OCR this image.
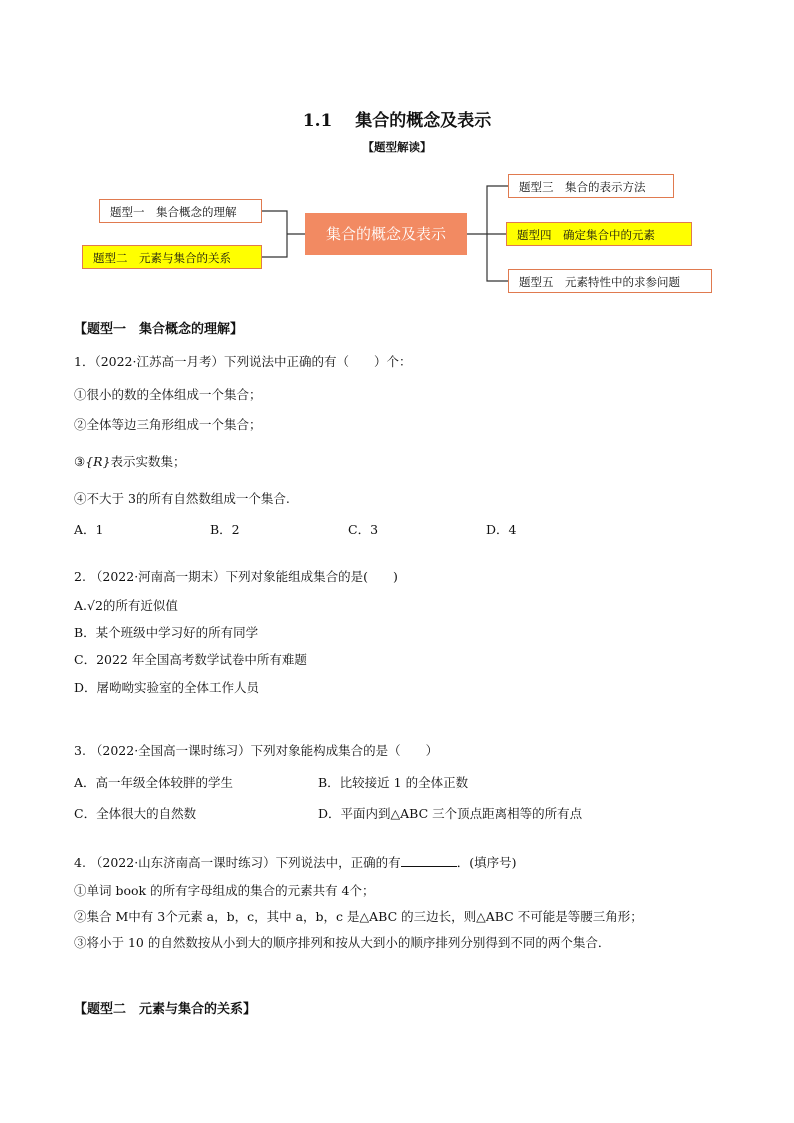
1.1　 集合的概念及表示
【题型解读】
题型一　集合概念的理解
题型二　元素与集合的关系
集合的概念及表示
题型三　集合的表示方法
题型四　确定集合中的元素
题型五　元素特性中的求参问题
【题型一　集合概念的理解】
1．（2022·江苏高一月考）下列说法中正确的有（　　）个：
①很小的数的全体组成一个集合；
②全体等边三角形组成一个集合；
③{R}表示实数集；
④不大于 3的所有自然数组成一个集合.
A．1	B．2	C．3	D．4
2. （2022·河南高一期末）下列对象能组成集合的是(　　)
A.√2的所有近似值
B．某个班级中学习好的所有同学
C．2022 年全国高考数学试卷中所有难题
D．屠呦呦实验室的全体工作人员
3. （2022·全国高一课时练习）下列对象能构成集合的是（　　）
A．高一年级全体较胖的学生	B．比较接近 1 的全体正数
C．全体很大的自然数	D．平面内到△ABC 三个顶点距离相等的所有点
4. （2022·山东济南高一课时练习）下列说法中，正确的有	．(填序号)
①单词 book 的所有字母组成的集合的元素共有 4个；
②集合 M中有 3个元素 a，b，c，其中 a，b，c 是△ABC 的三边长，则△ABC 不可能是等腰三角形；
③将小于 10 的自然数按从小到大的顺序排列和按从大到小的顺序排列分别得到不同的两个集合．
【题型二　元素与集合的关系】
